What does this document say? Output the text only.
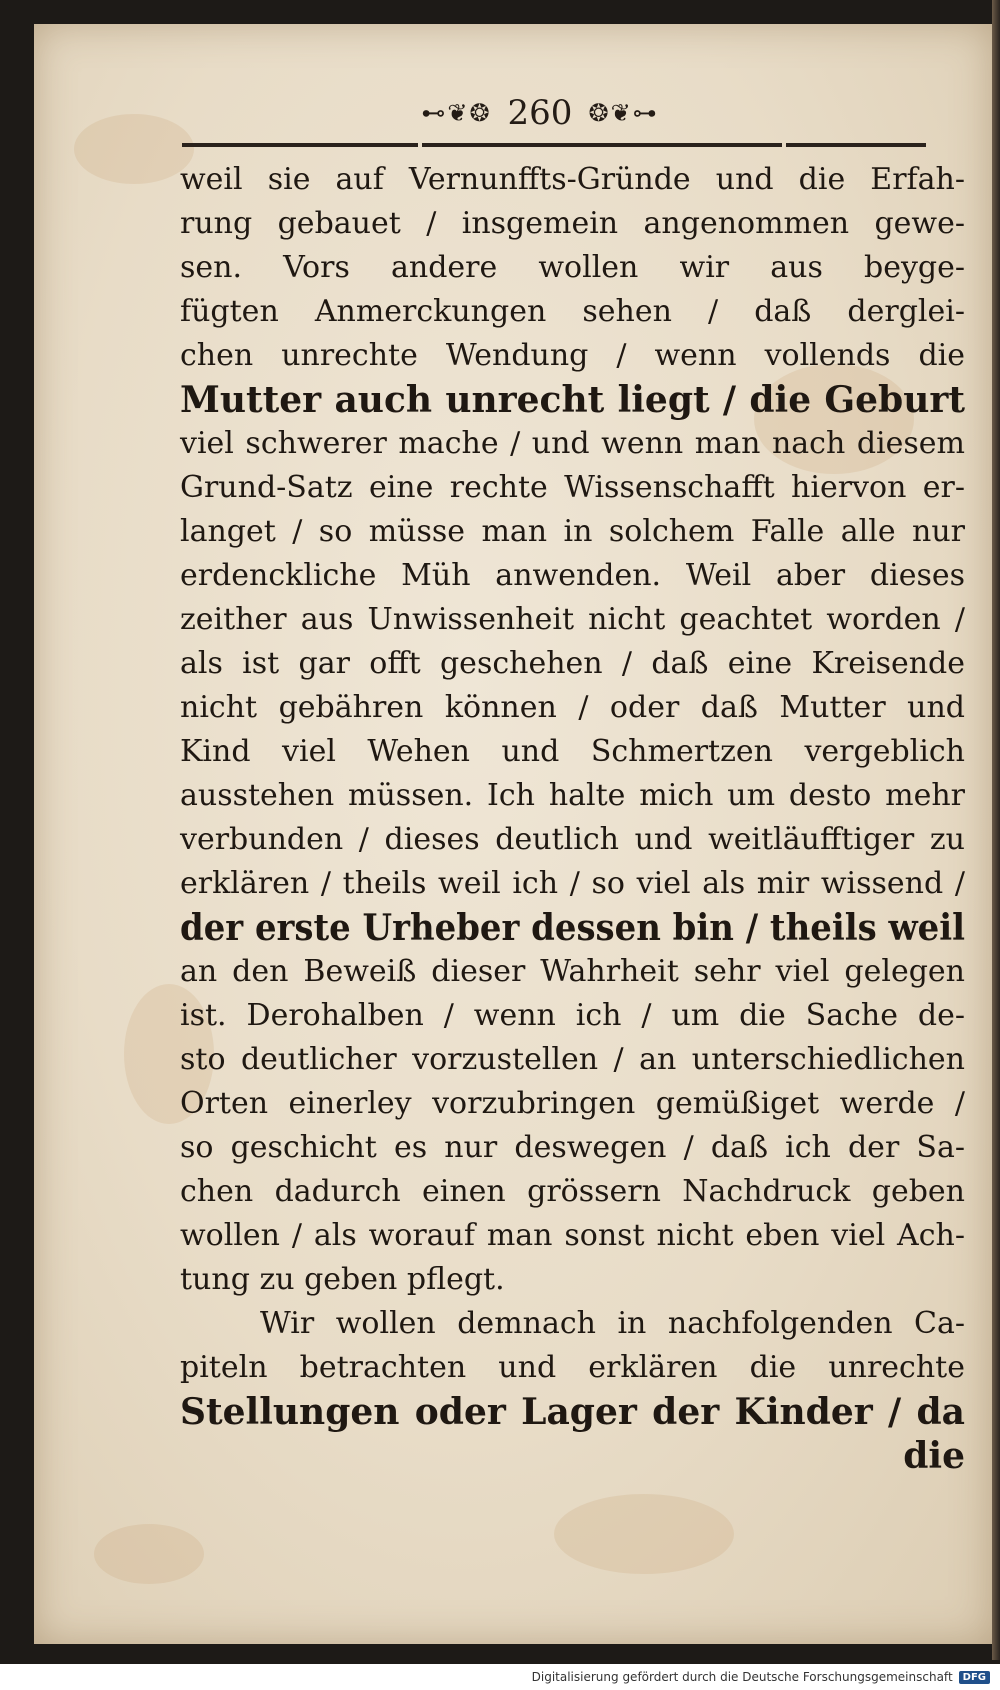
⊷❦❂ 260 ❂❦⊶
weil sie auf Vernunffts-Gründe und die Erfah-
rung gebauet / insgemein angenommen gewe-
sen. Vors andere wollen wir aus beyge-
fügten Anmerckungen sehen / daß derglei-
chen unrechte Wendung / wenn vollends die
Mutter auch unrecht liegt / die Geburt
viel schwerer mache / und wenn man nach diesem
Grund-Satz eine rechte Wissenschafft hiervon er-
langet / so müsse man in solchem Falle alle nur
erdenckliche Müh anwenden. Weil aber dieses
zeither aus Unwissenheit nicht geachtet worden /
als ist gar offt geschehen / daß eine Kreisende
nicht gebähren können / oder daß Mutter und
Kind viel Wehen und Schmertzen vergeblich
ausstehen müssen. Ich halte mich um desto mehr
verbunden / dieses deutlich und weitläufftiger zu
erklären / theils weil ich / so viel als mir wissend /
der erste Urheber dessen bin / theils weil
an den Beweiß dieser Wahrheit sehr viel gelegen
ist. Derohalben / wenn ich / um die Sache de-
sto deutlicher vorzustellen / an unterschiedlichen
Orten einerley vorzubringen gemüßiget werde /
so geschicht es nur deswegen / daß ich der Sa-
chen dadurch einen grössern Nachdruck geben
wollen / als worauf man sonst nicht eben viel Ach-
tung zu geben pflegt.
Wir wollen demnach in nachfolgenden Ca-
piteln betrachten und erklären die unrechte
Stellungen oder Lager der Kinder / da
die
Digitalisierung gefördert durch die Deutsche Forschungsgemeinschaft	DFG
